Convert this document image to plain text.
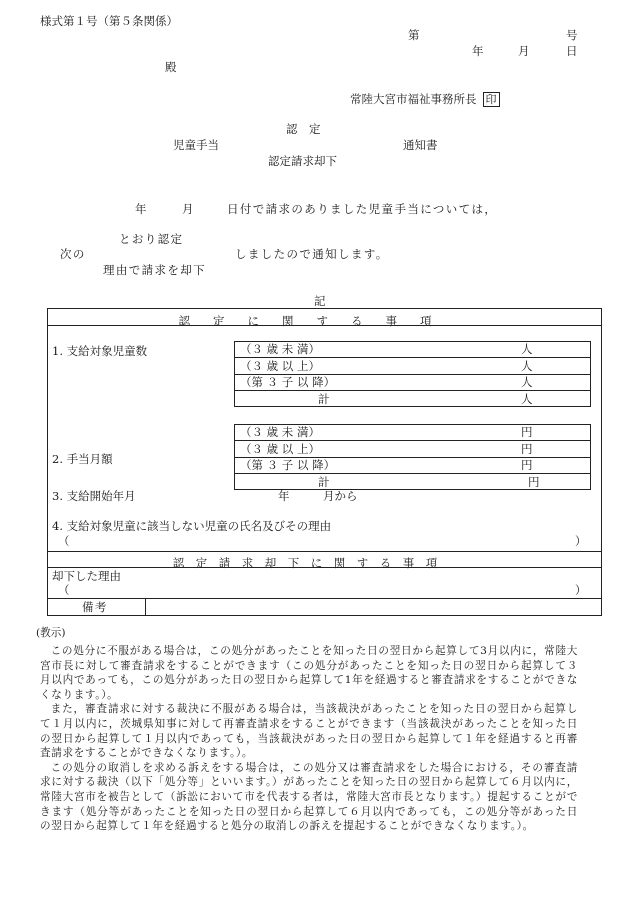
様式第１号（第５条関係）
第	号
年	月	日
殿
常陸大宮市福祉事務所長 印
認　定
児童手当	通知書
認定請求却下
年	月	日付で請求のありました児童手当については，
とおり認定
次の	しましたので通知します。
理由で請求を却下
記
認　　定　　に　　関　　す　　る　　事　　項
1. 支給対象児童数	（３ 歳 未 満）	人
（３ 歳 以 上）	人
（第 ３ 子 以 降）	人
計	人
（３ 歳 未 満）	円
（３ 歳 以 上）	円
2. 手当月額	（第 ３ 子 以 降）	円
計	円
3. 支給開始年月	年	月から
4. 支給対象児童に該当しない児童の氏名及びその理由
（	）
認　定　請　求　却　下　に　関　す　る　事　項
却下した理由
（	）
備考
(教示)

この処分に不服がある場合は，この処分があったことを知った日の翌日から起算して3月以内に，常陸大宮市長に対して審査請求をすることができます（この処分があったことを知った日の翌日から起算して３月以内であっても，この処分があった日の翌日から起算して1年を経過すると審査請求をすることができなくなります。）。

また，審査請求に対する裁決に不服がある場合は，当該裁決があったことを知った日の翌日から起算して１月以内に，茨城県知事に対して再審査請求をすることができます（当該裁決があったことを知った日の翌日から起算して１月以内であっても，当該裁決があった日の翌日から起算して１年を経過すると再審査請求をすることができなくなります。）。

この処分の取消しを求める訴えをする場合は，この処分又は審査請求をした場合における，その審査請求に対する裁決（以下「処分等」といいます。）があったことを知った日の翌日から起算して６月以内に，常陸大宮市を被告として（訴訟において市を代表する者は，常陸大宮市長となります。）提起することができます（処分等があったことを知った日の翌日から起算して６月以内であっても，この処分等があった日の翌日から起算して１年を経過すると処分の取消しの訴えを提起することができなくなります。）。
